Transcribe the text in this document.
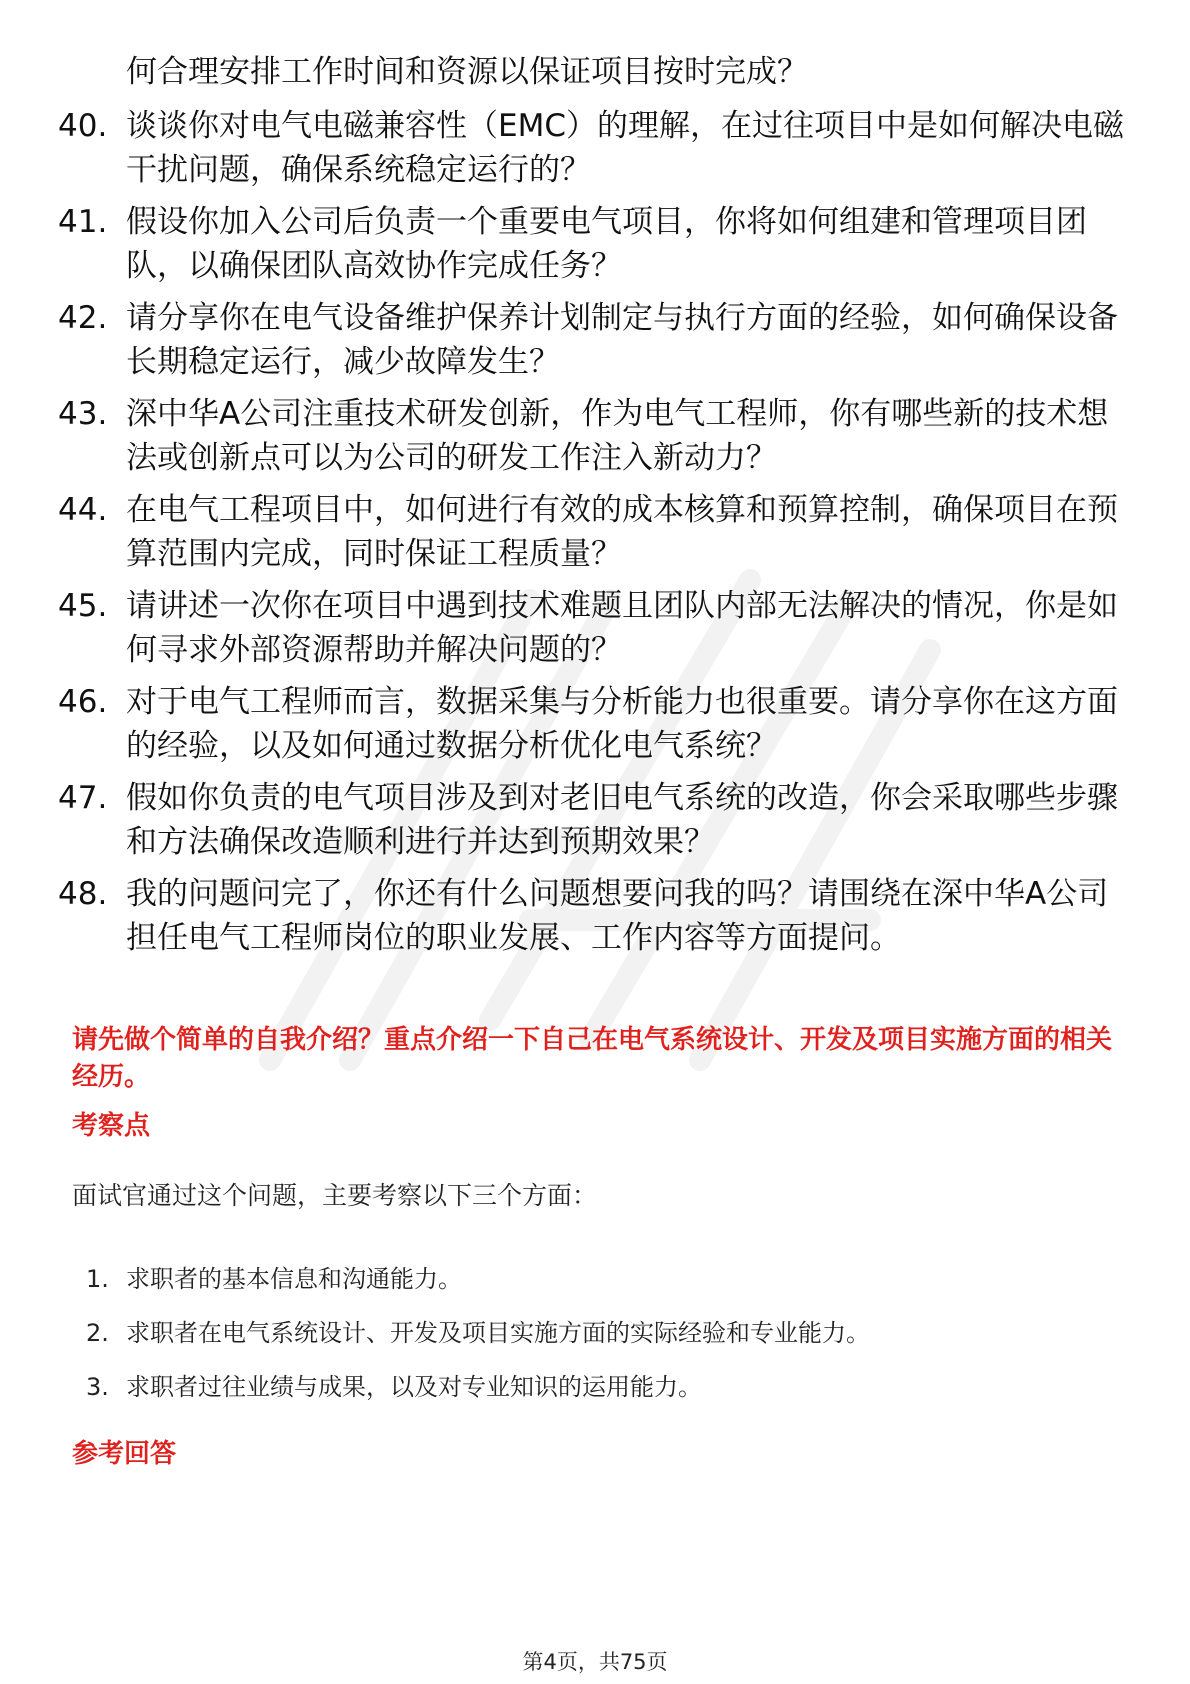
何合理安排工作时间和资源以保证项目按时完成？

40. 谈谈你对电气电磁兼容性（EMC）的理解，在过往项目中是如何解决电磁干扰问题，确保系统稳定运行的？

41. 假设你加入公司后负责一个重要电气项目，你将如何组建和管理项目团队，以确保团队高效协作完成任务？

42. 请分享你在电气设备维护保养计划制定与执行方面的经验，如何确保设备长期稳定运行，减少故障发生？

43. 深中华A公司注重技术研发创新，作为电气工程师，你有哪些新的技术想法或创新点可以为公司的研发工作注入新动力？

44. 在电气工程项目中，如何进行有效的成本核算和预算控制，确保项目在预算范围内完成，同时保证工程质量？

45. 请讲述一次你在项目中遇到技术难题且团队内部无法解决的情况，你是如何寻求外部资源帮助并解决问题的？

46. 对于电气工程师而言，数据采集与分析能力也很重要。请分享你在这方面的经验，以及如何通过数据分析优化电气系统？

47. 假如你负责的电气项目涉及到对老旧电气系统的改造，你会采取哪些步骤和方法确保改造顺利进行并达到预期效果？

48. 我的问题问完了，你还有什么问题想要问我的吗？请围绕在深中华A公司担任电气工程师岗位的职业发展、工作内容等方面提问。

请先做个简单的自我介绍？重点介绍一下自己在电气系统设计、开发及项目实施方面的相关经历。

考察点

面试官通过这个问题，主要考察以下三个方面：

1. 求职者的基本信息和沟通能力。

2. 求职者在电气系统设计、开发及项目实施方面的实际经验和专业能力。

3. 求职者过往业绩与成果，以及对专业知识的运用能力。

参考回答

第4页，共75页
